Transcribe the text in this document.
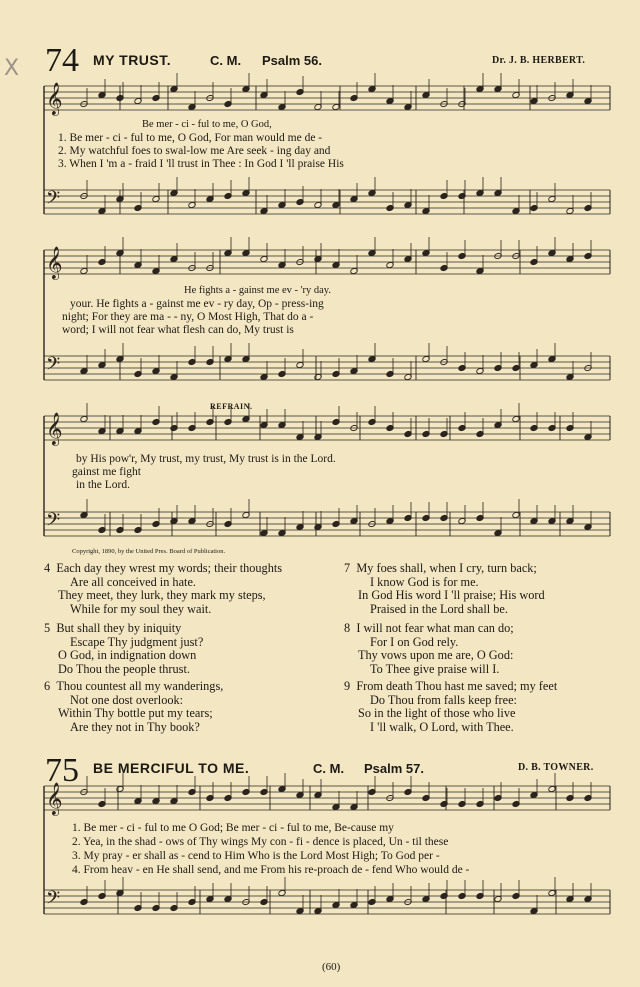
𝄞
𝄢
𝄞
𝄢
𝄞
𝄢
𝄞
𝄢
X 74 MY TRUST.	C. M. Psalm 56.	Dr. J. B. HERBERT.
Be mer - ci - ful to me, O God,
1. Be mer - ci - ful to me, O God, For man would me de -
2. My watchful foes to swal-low me Are seek - ing day and
3. When I 'm a - fraid I 'll trust in Thee : In God I 'll praise His
He fights a - gainst me ev - 'ry day.
your. He fights a - gainst me ev - ry day, Op - press-ing
night; For they are ma - - ny, O Most High, That do a -
word; I will not fear what flesh can do, My trust is
REFRAIN.
by His pow'r, My trust, my trust, My trust is in the Lord.
gainst me fight
in the Lord.
Copyright, 1890, by the United Pres. Board of Publication.
4 Each day they wrest my words; their thoughts
Are all conceived in hate.
They meet, they lurk, they mark my steps,
While for my soul they wait.
5 But shall they by iniquity
Escape Thy judgment just?
O God, in indignation down
Do Thou the people thrust.
6 Thou countest all my wanderings,
Not one dost overlook:
Within Thy bottle put my tears;
Are they not in Thy book?
7 My foes shall, when I cry, turn back;
I know God is for me.
In God His word I 'll praise; His word
Praised in the Lord shall be.
8 I will not fear what man can do;
For I on God rely.
Thy vows upon me are, O God:
To Thee give praise will I.
9 From death Thou hast me saved; my feet
Do Thou from falls keep free:
So in the light of those who live
I 'll walk, O Lord, with Thee.
75 BE MERCIFUL TO ME.	C. M. Psalm 57.	D. B. TOWNER.
1. Be mer - ci - ful to me O God; Be mer - ci - ful to me, Be-cause my
2. Yea, in the shad - ows of Thy wings My con - fi - dence is placed, Un - til these
3. My pray - er shall as - cend to Him Who is the Lord Most High; To God per -
4. From heav - en He shall send, and me From his re-proach de - fend Who would de -
(60)
